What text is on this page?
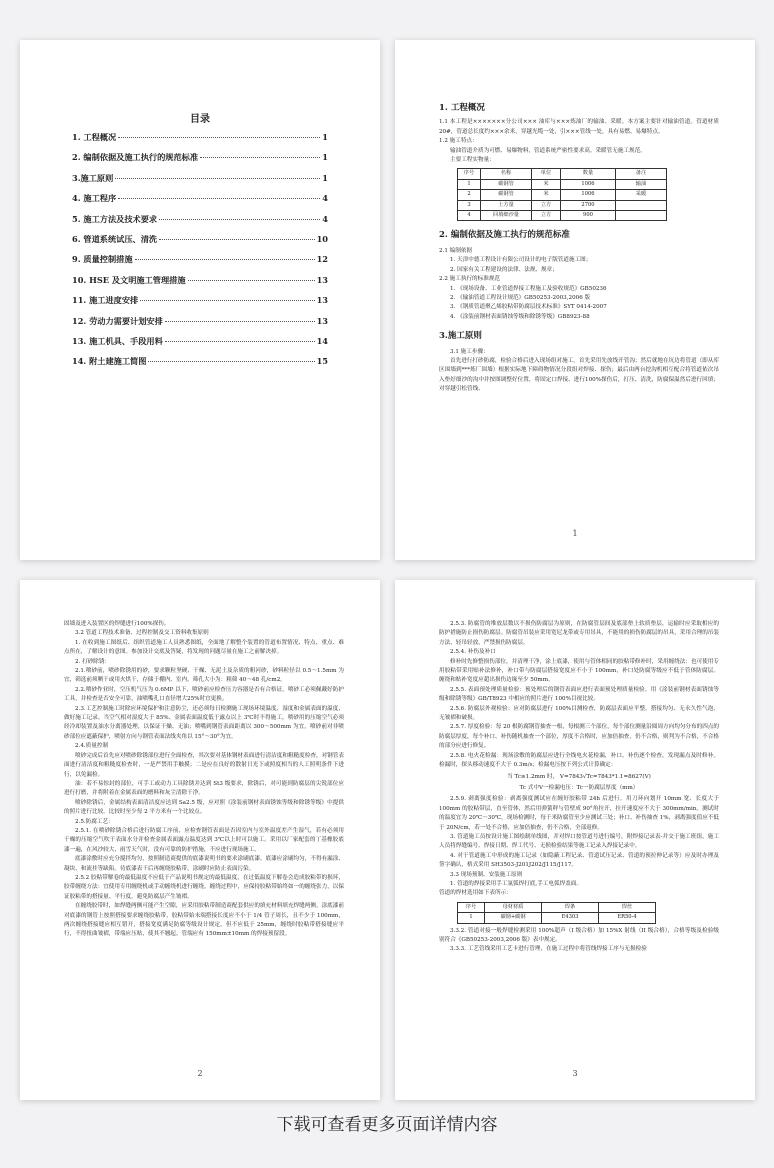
目录
1. 工程概况	1
2. 编制依据及施工执行的规范标准	1
3.施工原则	1
4. 施工程序	4
5. 施工方法及技术要求	4
6. 管道系统试压、清洗	10
9. 质量控制措施	12
10. HSE 及文明施工管理措施	13
11. 施工进度安排	13
12. 劳动力需要计划安排	13
13. 施工机具、手段用料	14
14. 附土建施工简图	15
1. 工程概况

1.1 本工程是×××××××分公司××× 油库与×××炼油厂的输油、采暖。本方案主要针对输油管道。管道材质20#，管道总长度约×××余米，穿越光缆一处，引×××管线一处，具有易燃、易爆特点。

1.2 施工特点：

输油管道介质为可燃、易爆物料，管道系统严密性要求高。采暖管无施工规范。

主要工程实物量：

序号	名称	单位	数量	备注
1	碳钢管	米	1006	输油
2	碳钢管	米	1006	采暖
3	土方量	立方	2700	
4	回填细沙量	立方	900	
2. 编制依据及施工执行的规范标准

2.1 编制依据

1. 天津中德工程设计有限公司设计的电子版管道施工图；

2. 国家有关工程建设的法律、法规、规章；

2.2 施工执行的标准规范

1. 《现场设备、工业管道焊接工程施工及验收规范》GB50236

2. 《输油管道工程设计规范》GB50253-2003,2006 版

3. 《钢质管道聚乙烯胶粘带防腐层技术标准》SYT 0414-2007

4. 《涂装前钢材表面锈蚀等级和除锈等级》GB8923-88

3.施工原则

3.1 施工步骤：

首先进行打砂防腐，检验合格后进入现场组对施工。首先采用先放线开管沟；然后就地在坑边将管道（即从库区围墙到***炼厂围墙）根据实际地下障碍物情况分段组对焊接、探伤；最后由两台挖沟机相互配合将管道依次吊入垫好细沙的沟中并按图调整好位置，将固定口焊接、进行100%探伤后，打压、清洗，防腐保温然后进行回填；对穿越引松管线、

1

固墙及进入装置区的焊缝进行100%探伤。

3.2 管道工程技术准备、过程控制及交工资料收集原则

1. 在收到施工图纸后、组织管道施工人员熟悉图纸，全面地了解整个装置的管道布置情况、特点、重点、难点所在，了解设计的意图。参加设计交底及答疑，将发现的问题尽量在施工之前解决掉。

2. 打砂除锈：

2.1.喷砂前，喷砂除锈用的砂，要求颗粒坚硬、干燥、无泥土及杂质的粗河砂，砂料粒径以 0.5～1.5mm 为宜，筛选前须晒干或用火烘干，存储于棚内、室内，筛孔大小为：粗筛 40～48 孔/cm2。

2.2.喷砂作业时，空压机气压为 0.6MP 以下，喷砂前应检查压力容器是否有合格证，喷砂工必须佩戴好防护工具，并检查是否安全可靠，油喷嘴孔口直径增大25%时宜更换。

2.3.工艺控制施工时除应环境保护和注意防尘，还必须每日检测施工现场环境温度、湿度和金属表面的温度，做好施工记录。当空气相对湿度大于 85%、金属表面温度低于露点以上 3℃时不得施工，喷砂用的压缩空气必须经冷却装置及油水分离器处理，以保证干燥、无油；喷嘴到钢管表面距离以 300～500mm 为宜，喷砂前对非喷砂部位应遮蔽保护，喷射方向与钢管表面法线夹角以 15°～30°为宜。

2.4.质量控制

喷砂完成后首先应对喷砂除锈部位进行全面检查，其次要对基体钢材表面进行清洁度和粗糙度检查，对钢管表面进行清洁度和粗糙度检查时，一是严禁用手触摸；二是应在良好的散射日光下或照度相当的人工照明条件下进行，以免漏检。

油：若不易惊封的部位，可手工或动力工具除锈并达到 St3 级要求，除锈后，对可能到防腐层的尖锐部位应进行打磨，并将附着在金属表面的磨料和灰尘清除干净。

喷砂除锈后，金属结构表面清洁度应达到 Sa2.5 级，应对照《涂装前钢材表面锈蚀等级和除锈等级》中提供的照片进行比较，比较时至少每 2 平方米有一个比较点。

2.5.防腐工艺：

2.5.1. 在喷砂除锈合格后进行防腐工序前，应检查钢管表面是否因室内与室外温度差产生湿气，若有必须用干燥的压缩空气吹干表面水分并检查金属表面露点温度达到 3℃以上时可以施工。采用以厂家配套的丁基橡胶底漆一遍，在风沙较大、雨雪天气时，没有可靠的防护措施，不应进行现场施工。

底漆涂敷时应充分搅拌均匀，按照制造商提供的底漆说明书的要求涂刷底漆。底漆应涂刷均匀，不得有漏涂、凝块、和流挂等缺陷。待底漆表干后再缠绕胶粘带，涂刷时应防止表面污染。

2.5.2 胶粘带解卷的最低温度不应低于产品说明书规定的最低温度，在过低温度下解卷会造成胶粘带的损坏，胶带缠绕方法：宜使用专用缠绕机或手动缠绕机进行缠绕。缠绕过程中，应保持胶粘带始终如一的缠绕张力，以保证胶粘带的搭接量、平行度，避免防腐层产生皱褶。

在缠绕胶带时，如焊缝两侧可能产生空隙，应采用胶粘带制造商配套供应的填充材料填充焊缝两侧。涂底漆前对底漆的钢管上按照搭接要求缠绕胶粘带，胶粘带始末端搭接长度应不小于 1/4 管子周长，且不少于 100mm，两次缠绕搭接缝应相互错开，搭接宽度满足防腐等级设计规定，但不应低于 25mm，缠绕时胶粘带搭接缝应平行，不得扭曲皱褶，带端应压贴，使其不翘起。管端应有 150mm±10mm 的焊接预留段。

2

2.5.3. 防腐管的堆放层数以不损伤防腐层为原则，在防腐管层间及底部垫上软质垫层，运输时应采取相应的防护措施防止损伤防腐层。防腐管吊装应采用宽尼龙带或专用吊具，不能用的损伤防腐层的吊具，采用合理的吊装方法，轻吊轻放，严禁损伤防腐层。

2.5.4. 补伤及补口

修补时先修整损伤部位，并清理干净，涂上底漆，使用与管体相同的胶粘带修补时，采用缠绕法：也可使用专用胶粘带采用贴补法修补，补口带与防腐层搭接宽度应不小于 100mm，补口处防腐等级应不低于管体防腐层。缠绕和贴补宽度应超出损伤边缘至少 50mm。

2.5.5. 表面预处理质量检验：预处理后的钢管表面应进行表面预处理质量检验。用《涂装前钢材表面锈蚀等级和除锈等级》GB/T8923 中相应的照片进行 100%目视比较。

2.5.6. 防腐层外观检验：应对防腐层进行 100%目测检查，防腐层表面应平整、搭接均匀、无永久性气泡、无皱褶和破损。

2.5.7. 厚度检验：每 20 根防腐钢管抽查一根，每根测三个部位，每个部位测量沿圆周方向均匀分布的四点的防腐层厚度，每个补口、补伤随机抽查一个部位，厚度不合格时，应加倍抽查，仍不合格，则判为不合格，不合格的部分应进行修复。

2.5.8. 电火花检漏：现场涂敷的防腐层应进行全线电火花检漏，补口、补伤逐个检查，发现漏点及时修补。检漏时，探头移动速度不大于 0.3m/s；检漏电压按下列公式计算确定：

当 Tc≥1.2mm 时， V=7843√Tc=7843*1.1=8627(V)
Tc 式中V一检漏电压：Tc一防腐层厚度（mm）

2.5.9. 剥离强度检验：剥离强度测试应在缠好胶粘带 24h 后进行。用刀环向划开 10mm 宽、长度大于 100mm 的胶粘带层，直至管体，然后用弹簧秤与管壁成 90°角拉开，拉开速度应不大于 300mm/min。测试时的温度宜为 20℃～30℃。现场检测时，每千米防腐管至少应测试三处；补口、补伤抽查 1%，剥离强度值应不低于 20N/cm，若一处不合格，应加倍抽查，仍不合格，全部返修。

3. 管道施工员按设计施工图绘制单线图，并对焊口按管道号进行编号，附焊接记录表-并交于施工班组，施工人员将焊缝编号、焊接日期、焊工代号、无损检验结果等施工记录入焊接记录中。

4. 对于管道施工中形成的施工记录（如隐蔽工程记录、管道试压记录、管道的预拉伸记录等）应及时办理及签字确认，格式采用 SH3503-J201J202/J115/J117。

3.3 现场预制、安装施工原则

1. 管道的焊接采用手工氩弧焊打底,手工电弧焊盖面。

管道的焊材选用如下表所示：

序号	母材材质	焊条	焊丝
1	碳钢+碳钢	E4303	ER50-4

3.3.2. 管道对接一般焊缝检测采用 100%超声（I 级合格）加 15%X 射线（II 级合格），合格等级及检验级别符合《GB50253-2003,2006 版》表中规定。

3.3.3. 工艺管线采用工艺卡进行管理，在施工过程中将管线焊接工序与无损检验

3
下载可查看更多页面详情内容
